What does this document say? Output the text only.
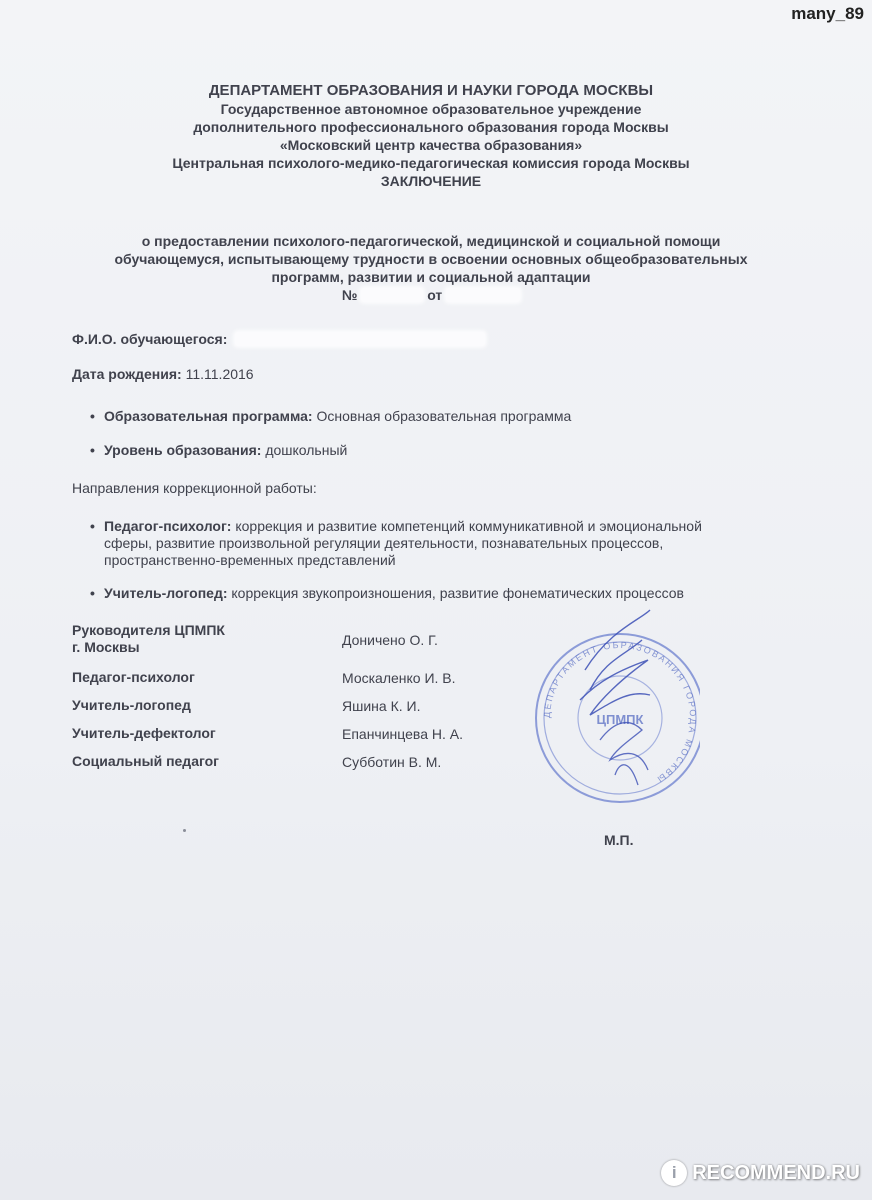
many_89
ДЕПАРТАМЕНТ ОБРАЗОВАНИЯ И НАУКИ ГОРОДА МОСКВЫ
Государственное автономное образовательное учреждение
дополнительного профессионального образования города Москвы
«Московский центр качества образования»
Центральная психолого-медико-педагогическая комиссия города Москвы
ЗАКЛЮЧЕНИЕ
о предоставлении психолого-педагогической, медицинской и социальной помощи
обучающемуся, испытывающему трудности в освоении основных общеобразовательных
программ, развитии и социальной адаптации
№	от
Ф.И.О. обучающегося:
Дата рождения: 11.11.2016
• Образовательная программа: Основная образовательная программа
• Уровень образования: дошкольный
Направления коррекционной работы:
• Педагог-психолог: коррекция и развитие компетенций коммуникативной и эмоциональной
сферы, развитие произвольной регуляции деятельности, познавательных процессов,
пространственно-временных представлений
• Учитель-логопед: коррекция звукопроизношения, развитие фонематических процессов
Руководителя ЦПМПК
г. Москвы	Доничено О. Г.
Педагог-психолог	Москаленко И. В.
Учитель-логопед	Яшина К. И.
Учитель-дефектолог	Епанчинцева Н. А.
Социальный педагог	Субботин В. М.
ДЕПАРТАМЕНТ ОБРАЗОВАНИЯ ГОРОДА МОСКВЫ
ЦПМПК
М.П.
i RECOMMEND.RU
